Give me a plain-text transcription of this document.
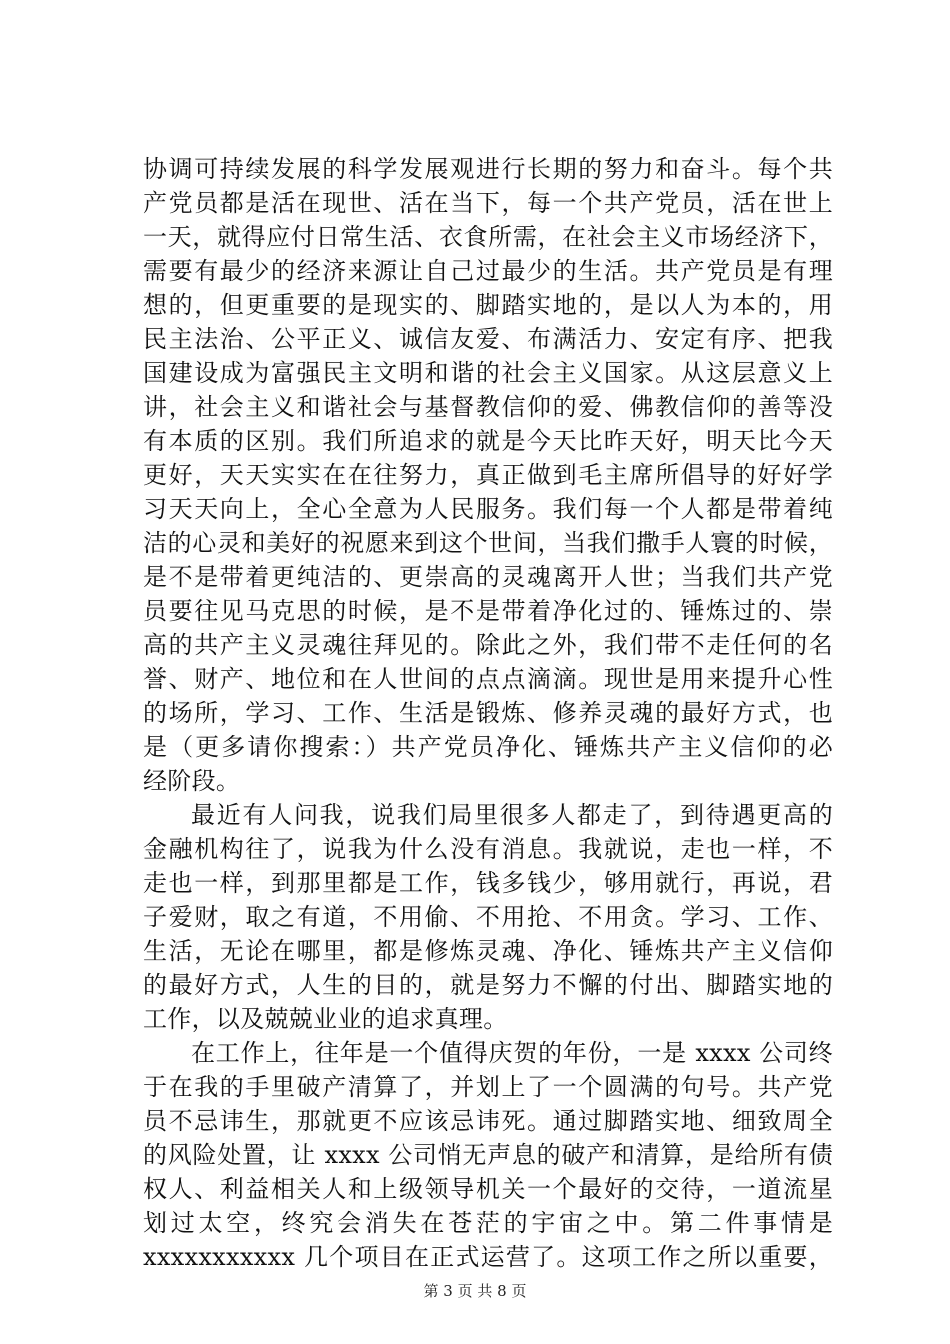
协调可持续发展的科学发展观进行长期的努力和奋斗。每个共
产党员都是活在现世、活在当下，每一个共产党员，活在世上
一天，就得应付日常生活、衣食所需，在社会主义市场经济下，
需要有最少的经济来源让自己过最少的生活。共产党员是有理
想的，但更重要的是现实的、脚踏实地的，是以人为本的，用
民主法治、公平正义、诚信友爱、布满活力、安定有序、把我
国建设成为富强民主文明和谐的社会主义国家。从这层意义上
讲，社会主义和谐社会与基督教信仰的爱、佛教信仰的善等没
有本质的区别。我们所追求的就是今天比昨天好，明天比今天
更好，天天实实在在往努力，真正做到毛主席所倡导的好好学
习天天向上，全心全意为人民服务。我们每一个人都是带着纯
洁的心灵和美好的祝愿来到这个世间，当我们撒手人寰的时候，
是不是带着更纯洁的、更崇高的灵魂离开人世；当我们共产党
员要往见马克思的时候，是不是带着净化过的、锤炼过的、崇
高的共产主义灵魂往拜见的。除此之外，我们带不走任何的名
誉、财产、地位和在人世间的点点滴滴。现世是用来提升心性
的场所，学习、工作、生活是锻炼、修养灵魂的最好方式，也
是（更多请你搜索：）共产党员净化、锤炼共产主义信仰的必
经阶段。
最近有人问我，说我们局里很多人都走了，到待遇更高的
金融机构往了，说我为什么没有消息。我就说，走也一样，不
走也一样，到那里都是工作，钱多钱少，够用就行，再说，君
子爱财，取之有道，不用偷、不用抢、不用贪。学习、工作、
生活，无论在哪里，都是修炼灵魂、净化、锤炼共产主义信仰
的最好方式，人生的目的，就是努力不懈的付出、脚踏实地的
工作，以及兢兢业业的追求真理。
在工作上，往年是一个值得庆贺的年份，一是 xxxx 公司终
于在我的手里破产清算了，并划上了一个圆满的句号。共产党
员不忌讳生，那就更不应该忌讳死。通过脚踏实地、细致周全
的风险处置，让 xxxx 公司悄无声息的破产和清算，是给所有债
权人、利益相关人和上级领导机关一个最好的交待，一道流星
划过太空，终究会消失在苍茫的宇宙之中。第二件事情是
xxxxxxxxxxx 几个项目在正式运营了。这项工作之所以重要，
第 3 页 共 8 页
